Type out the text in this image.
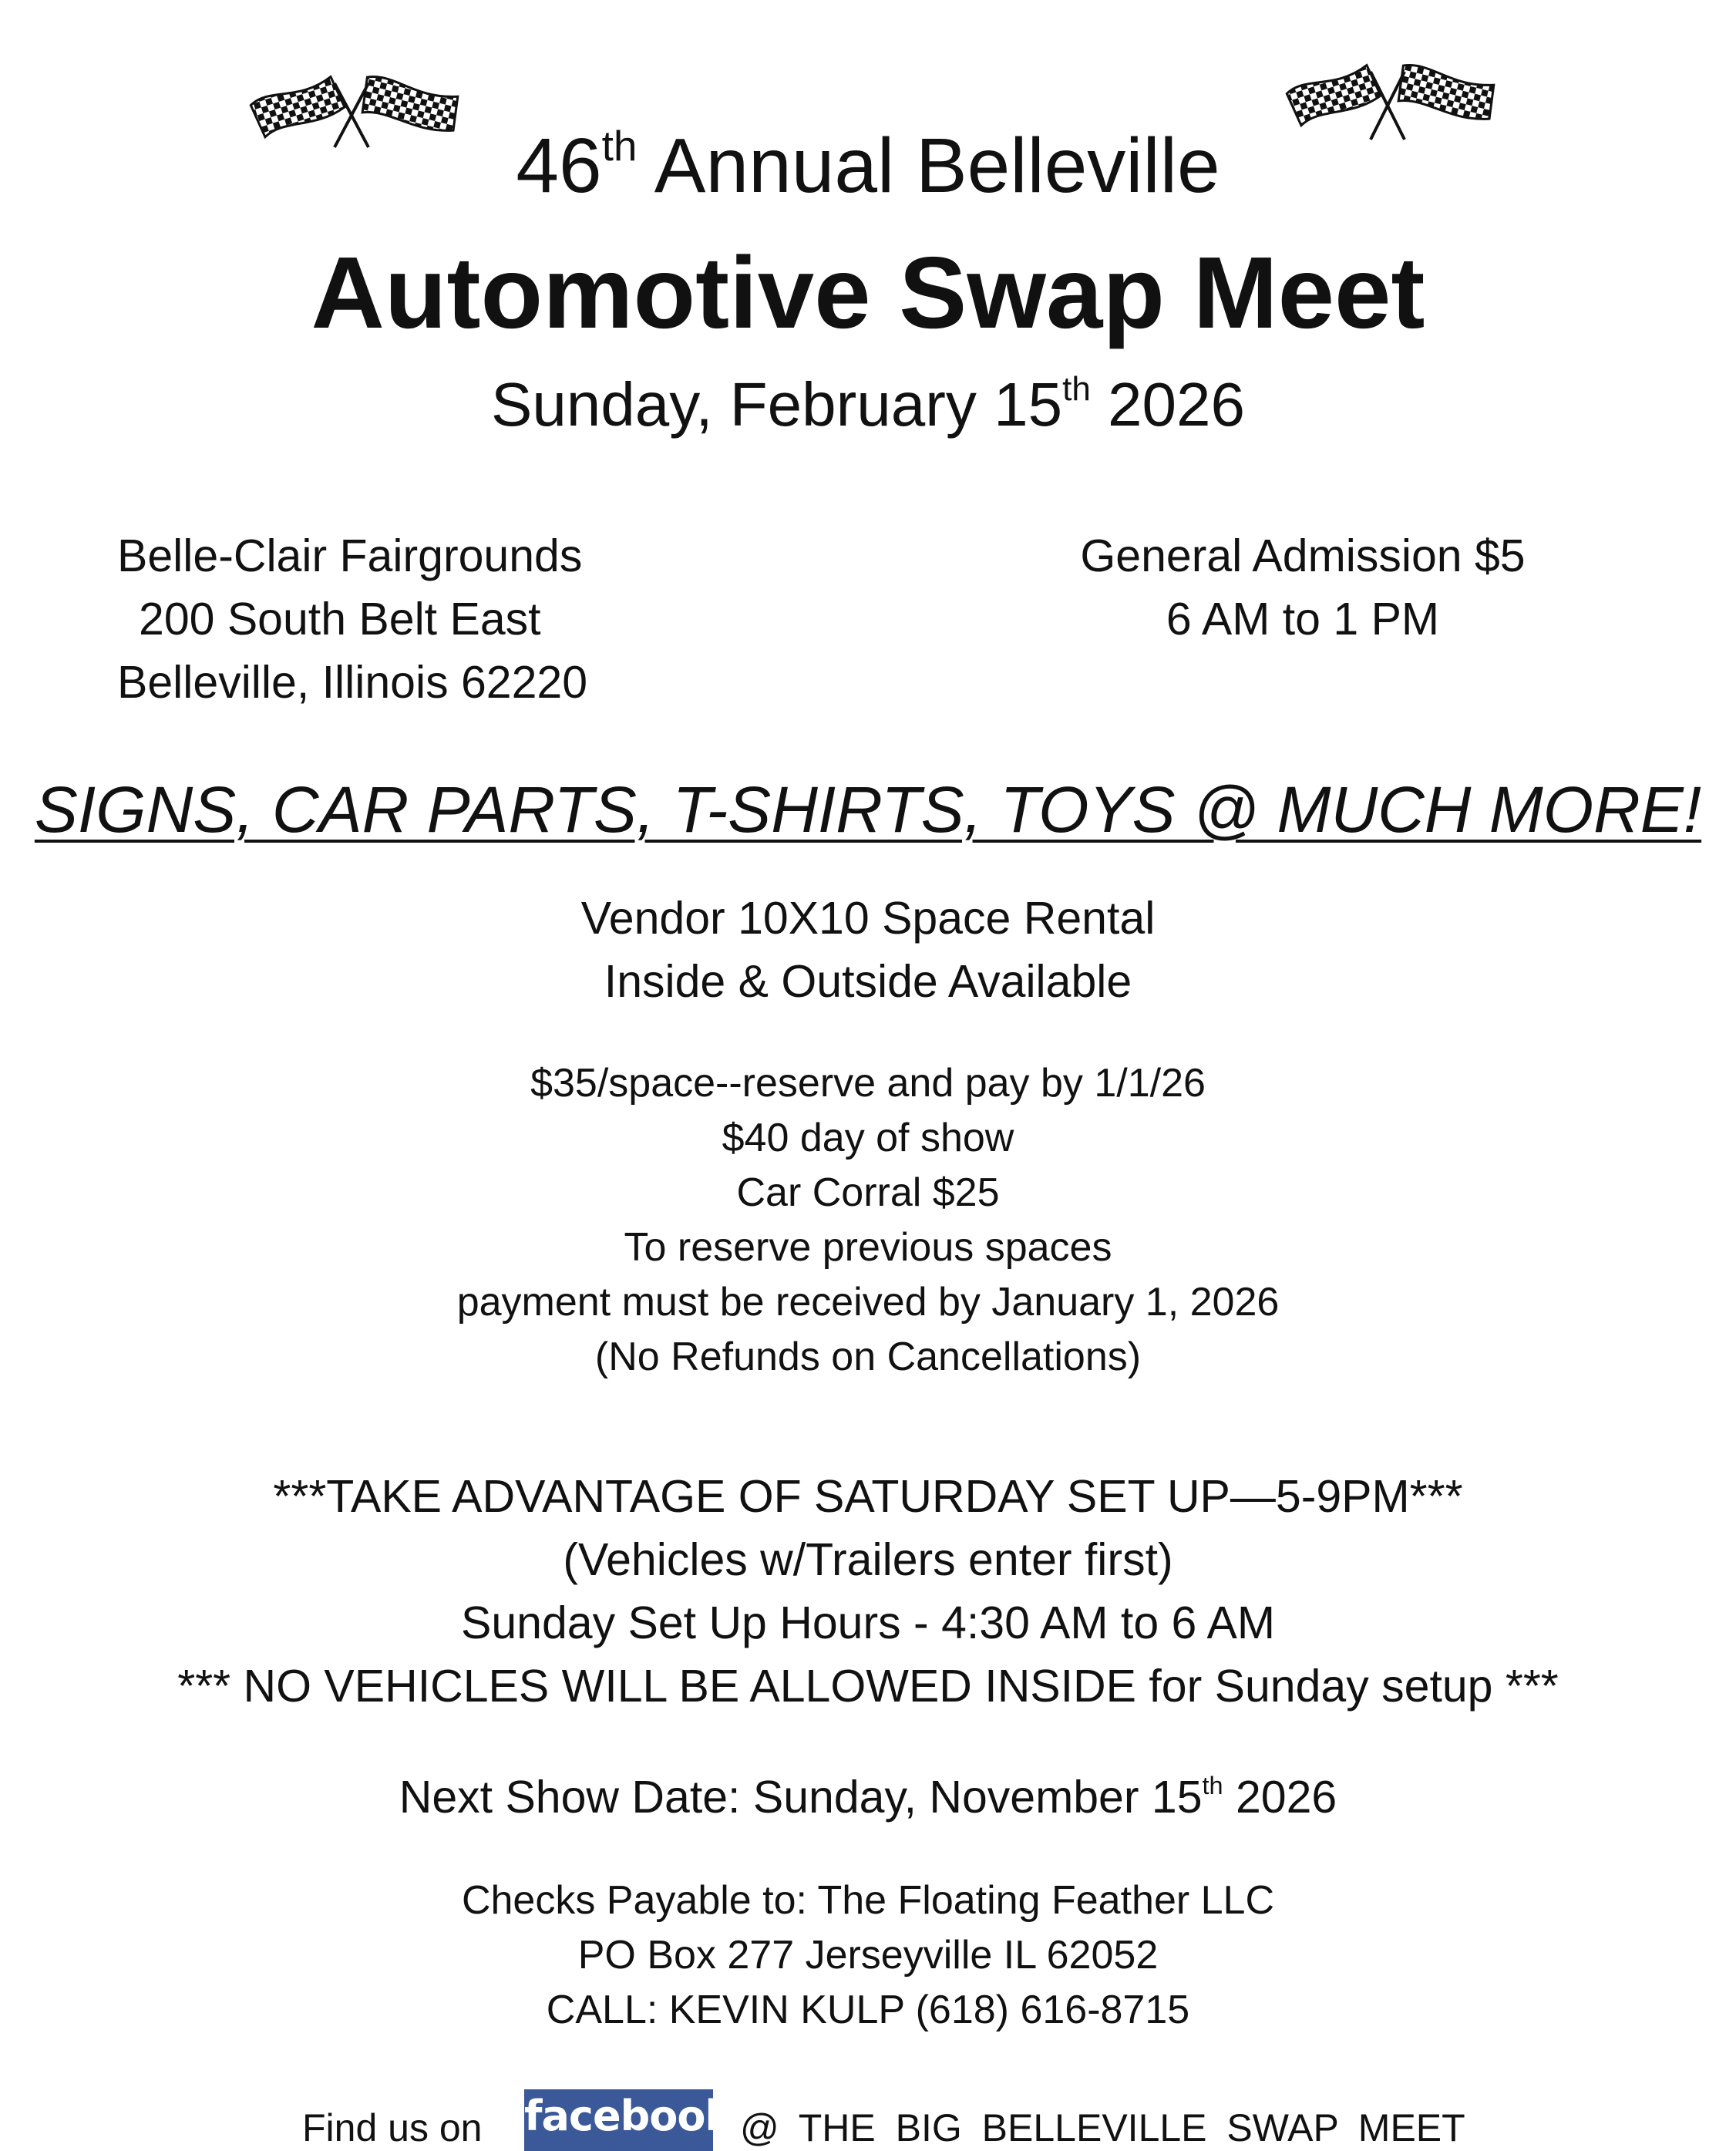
46th Annual Belleville
Automotive Swap Meet
Sunday, February 15th 2026
Belle-Clair Fairgrounds
200 South Belt East
Belleville, Illinois 62220
General Admission $5
6 AM to 1 PM
SIGNS, CAR PARTS, T-SHIRTS, TOYS @ MUCH MORE!
Vendor 10X10 Space Rental
Inside & Outside Available
$35/space--reserve and pay by 1/1/26
$40 day of show
Car Corral $25
To reserve previous spaces
payment must be received by January 1, 2026
(No Refunds on Cancellations)
***TAKE ADVANTAGE OF SATURDAY SET UP—5-9PM***
(Vehicles w/Trailers enter first)
Sunday Set Up Hours - 4:30 AM to 6 AM
*** NO VEHICLES WILL BE ALLOWED INSIDE for Sunday setup ***
Next Show Date: Sunday, November 15th 2026
Checks Payable to: The Floating Feather LLC
PO Box 277 Jerseyville IL 62052
CALL: KEVIN KULP (618) 616-8715
Find us on facebook @ THE BIG BELLEVILLE SWAP MEET
